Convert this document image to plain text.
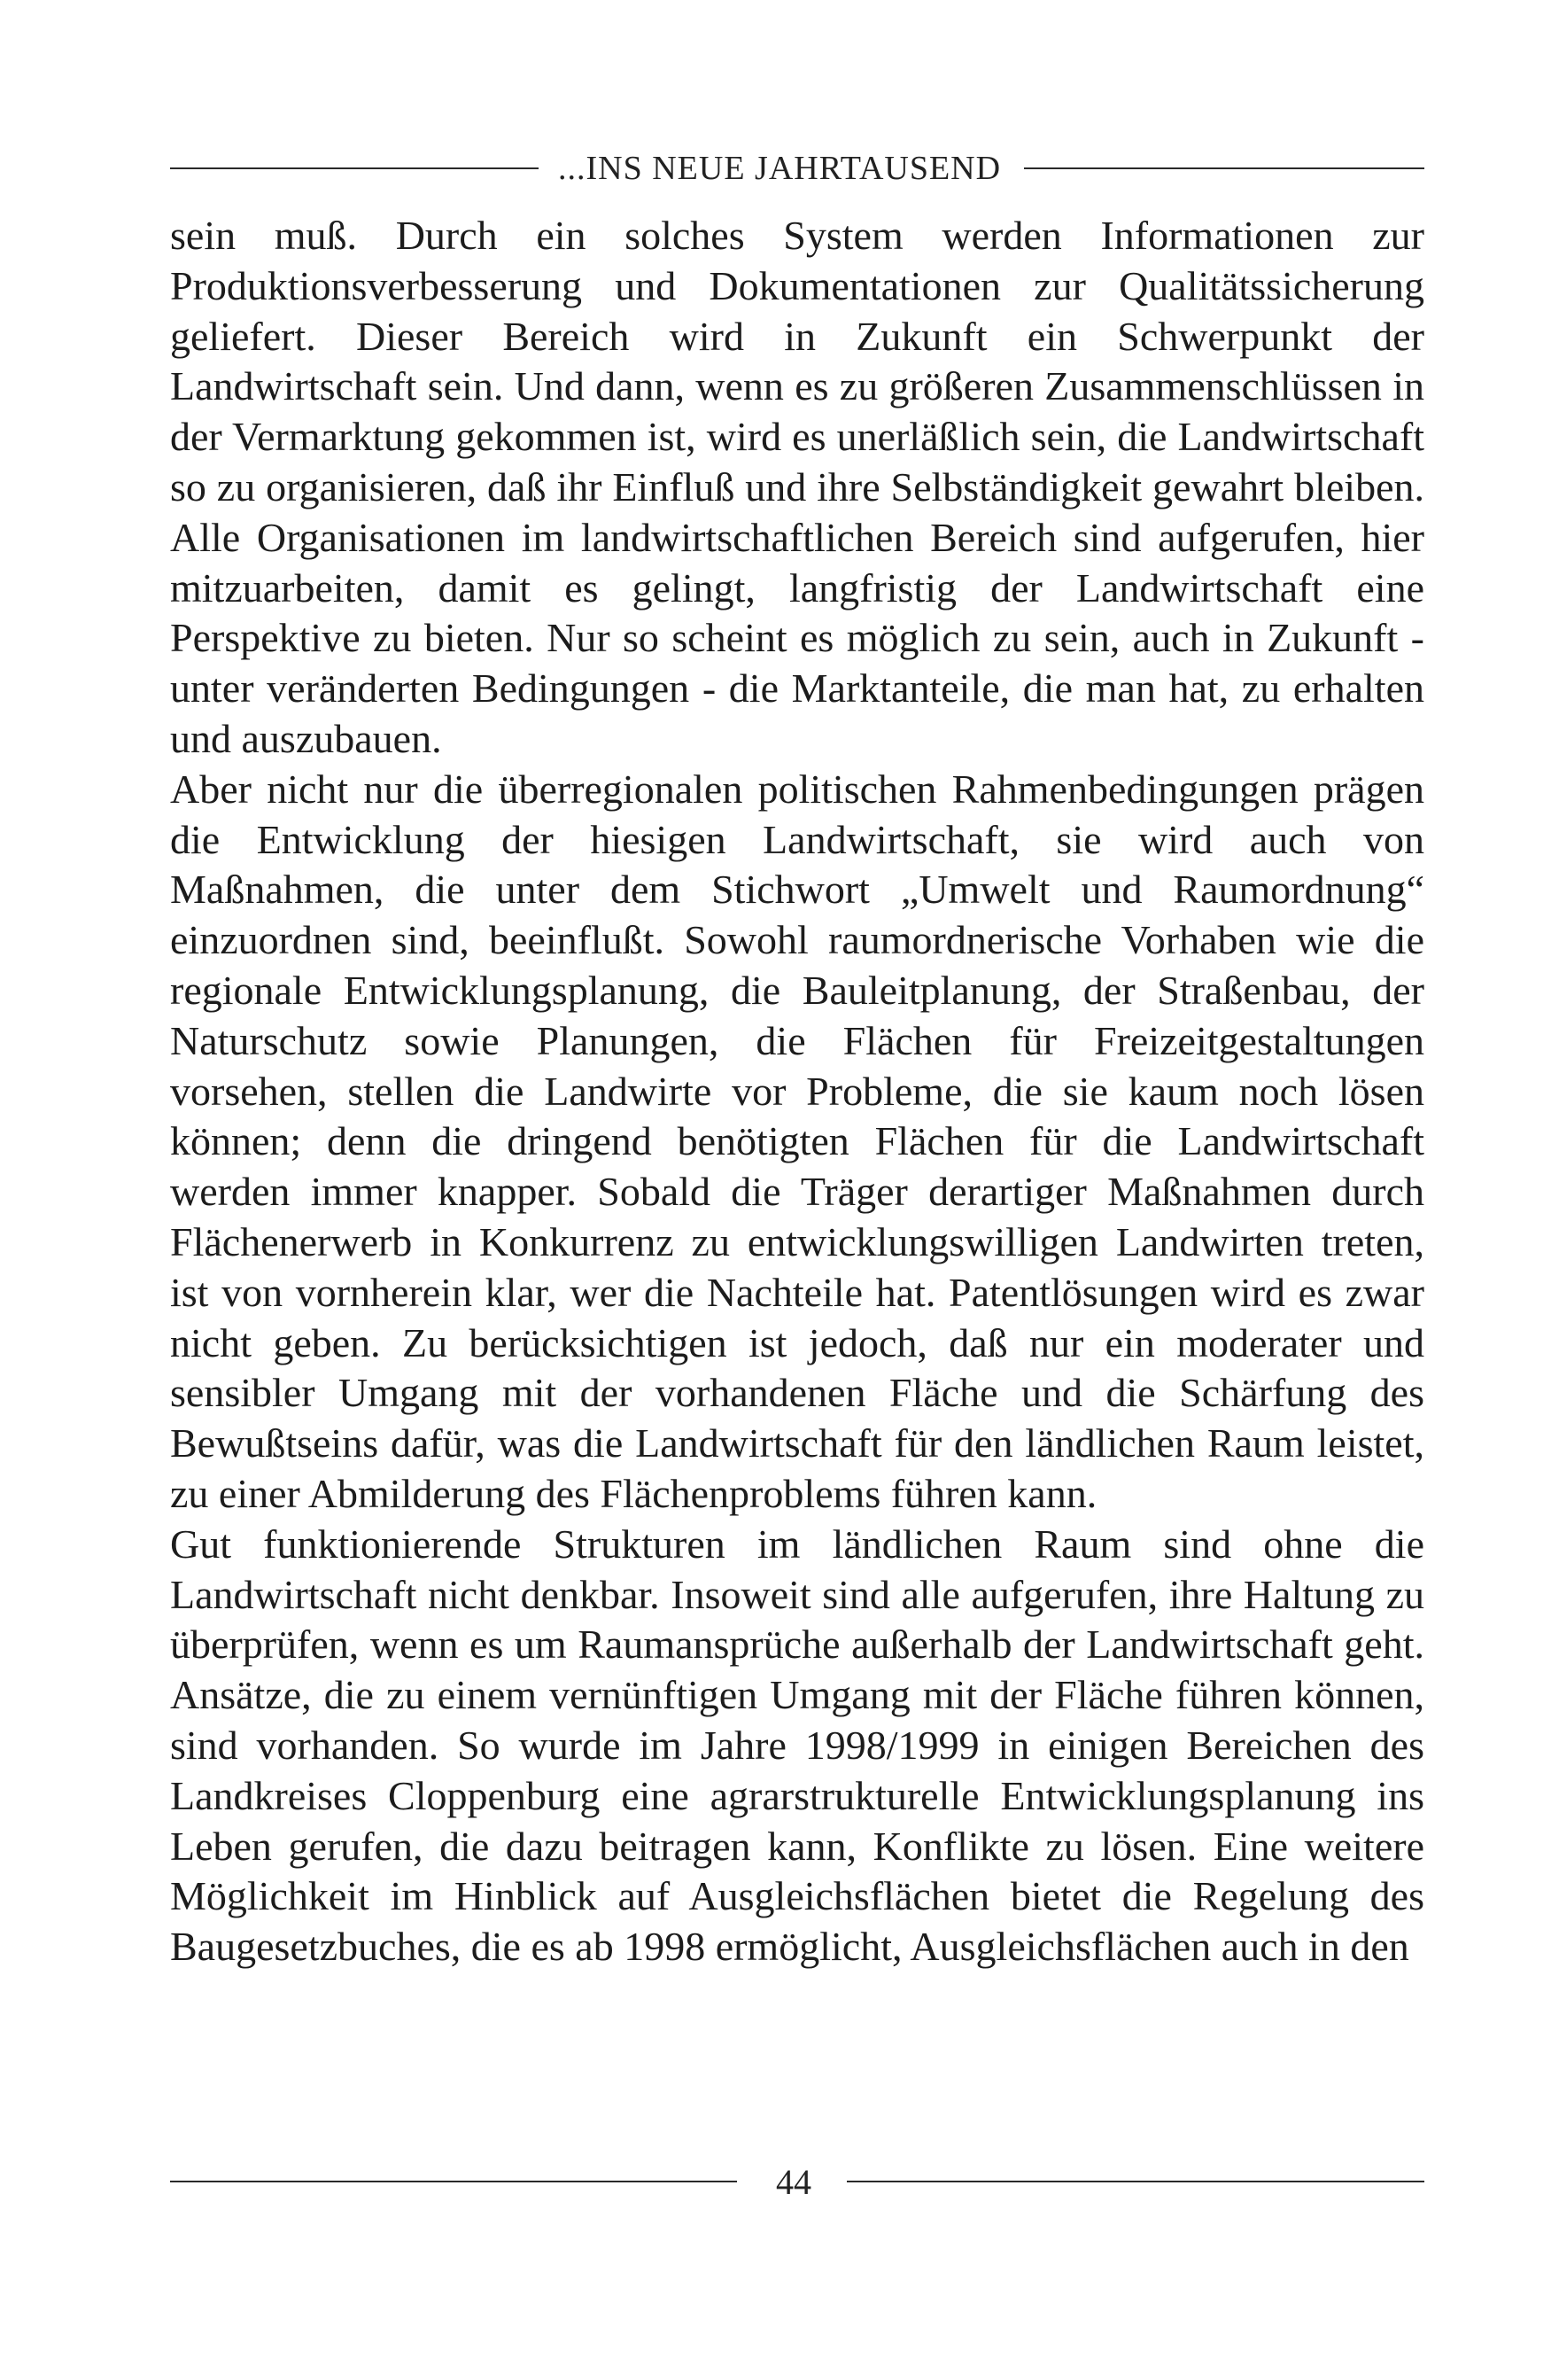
...INS NEUE JAHRTAUSEND

sein muß. Durch ein solches System werden Informationen zur Produktionsverbesserung und Dokumentationen zur Qualitätssicherung geliefert. Dieser Bereich wird in Zukunft ein Schwerpunkt der Landwirtschaft sein. Und dann, wenn es zu größeren Zusammenschlüssen in der Vermarktung gekommen ist, wird es unerläßlich sein, die Landwirtschaft so zu organisieren, daß ihr Einfluß und ihre Selbständigkeit gewahrt bleiben. Alle Organisationen im landwirtschaftlichen Bereich sind aufgerufen, hier mitzuarbeiten, damit es gelingt, langfristig der Landwirtschaft eine Perspektive zu bieten. Nur so scheint es möglich zu sein, auch in Zukunft - unter veränderten Bedingungen - die Marktanteile, die man hat, zu erhalten und auszubauen.

Aber nicht nur die überregionalen politischen Rahmenbedingungen prägen die Entwicklung der hiesigen Landwirtschaft, sie wird auch von Maßnahmen, die unter dem Stichwort „Umwelt und Raumordnung“ einzuordnen sind, beeinflußt. Sowohl raumordnerische Vorhaben wie die regionale Entwicklungsplanung, die Bauleitplanung, der Straßenbau, der Naturschutz sowie Planungen, die Flächen für Freizeitgestaltungen vorsehen, stellen die Landwirte vor Probleme, die sie kaum noch lösen können; denn die dringend benötigten Flächen für die Landwirtschaft werden immer knapper. Sobald die Träger derartiger Maßnahmen durch Flächenerwerb in Konkurrenz zu entwicklungswilligen Landwirten treten, ist von vornherein klar, wer die Nachteile hat. Patentlösungen wird es zwar nicht geben. Zu berücksichtigen ist jedoch, daß nur ein moderater und sensibler Umgang mit der vorhandenen Fläche und die Schärfung des Bewußtseins dafür, was die Landwirtschaft für den ländlichen Raum leistet, zu einer Abmilderung des Flächenproblems führen kann.

Gut funktionierende Strukturen im ländlichen Raum sind ohne die Landwirtschaft nicht denkbar. Insoweit sind alle aufgerufen, ihre Haltung zu überprüfen, wenn es um Raumansprüche außerhalb der Landwirtschaft geht. Ansätze, die zu einem vernünftigen Umgang mit der Fläche führen können, sind vorhanden. So wurde im Jahre 1998/1999 in einigen Bereichen des Landkreises Cloppenburg eine agrarstrukturelle Entwicklungsplanung ins Leben gerufen, die dazu beitragen kann, Konflikte zu lösen. Eine weitere Möglichkeit im Hinblick auf Ausgleichsflächen bietet die Regelung des Baugesetzbuches, die es ab 1998 ermöglicht, Ausgleichsflächen auch in den

44
